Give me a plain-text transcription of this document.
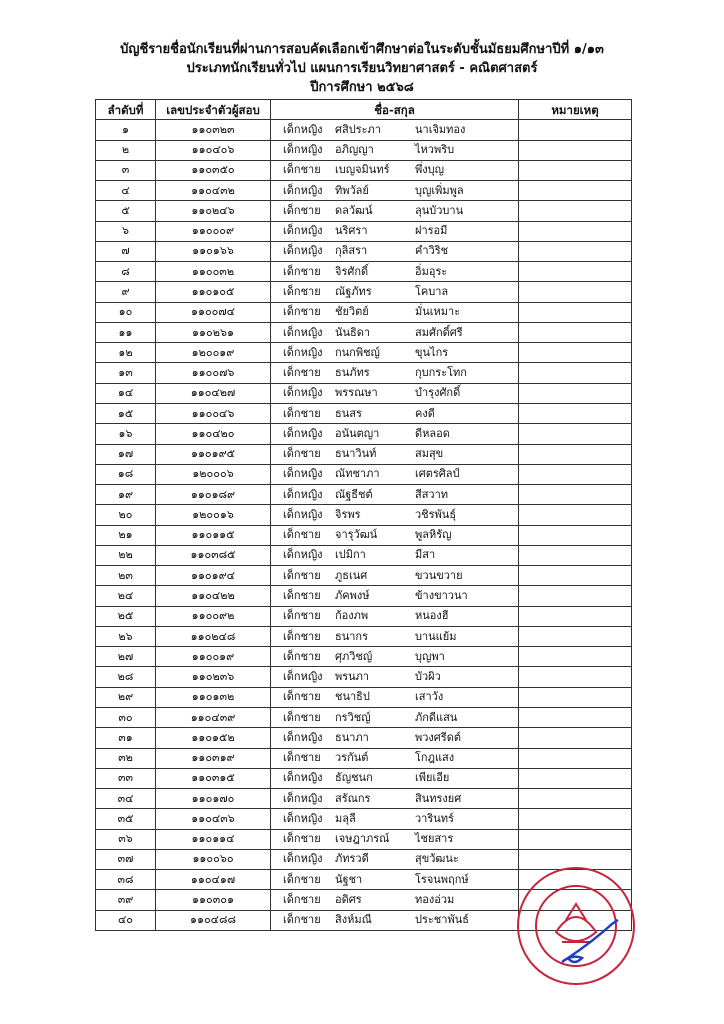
บัญชีรายชื่อนักเรียนที่ผ่านการสอบคัดเลือกเข้าศึกษาต่อในระดับชั้นมัธยมศึกษาปีที่ ๑/๑๓
ประเภทนักเรียนทั่วไป แผนการเรียนวิทยาศาสตร์ - คณิตศาสตร์
ปีการศึกษา ๒๕๖๘
ลำดับที่	เลขประจำตัวผู้สอบ	ชื่อ-สกุล	หมายเหตุ
๑	๑๑๐๓๒๓	เด็กหญิง ศสิประภา นาเจิมทอง	

๒	๑๑๐๔๐๖	เด็กหญิง อภิญญา ไหวพริบ	

๓	๑๑๐๓๕๐	เด็กชาย เบญจมินทร์ พึ่งบุญ	

๔	๑๑๐๔๓๒	เด็กหญิง ทิพวัลย์ บุญเพิ่มพูล	

๕	๑๑๐๒๔๖	เด็กชาย ดลวัฒน์ ลุนบัวบาน	

๖	๑๑๐๐๐๙	เด็กหญิง นริศรา ฝารอมี	

๗	๑๑๐๑๖๖	เด็กหญิง กุลิสรา คำวิริช	

๘	๑๑๐๐๓๒	เด็กชาย จิรศักดิ์ อิ่มอุระ	

๙	๑๑๐๑๐๕	เด็กชาย ณัฐภัทร โคบาล	

๑๐	๑๑๐๐๗๔	เด็กชาย ชัยวิตย์ มั่นเหมาะ	

๑๑	๑๑๐๒๖๑	เด็กหญิง นันธิดา สมศักดิ์ศรี	

๑๒	๑๒๐๐๑๙	เด็กหญิง กนกพิชญ์ ขุนไกร	

๑๓	๑๑๐๐๗๖	เด็กชาย ธนภัทร กุบกระโทก	

๑๔	๑๑๐๔๒๗	เด็กหญิง พรรณษา บำรุงศักดิ์	

๑๕	๑๑๐๐๔๖	เด็กชาย ธนสร คงดี	

๑๖	๑๑๐๔๒๐	เด็กหญิง อนันตญา ดีหลอด	

๑๗	๑๑๐๑๙๕	เด็กชาย ธนาวินท์ สมสุข	

๑๘	๑๒๐๐๐๖	เด็กหญิง ณัทชาภา เศตรศิลป์	

๑๙	๑๑๐๑๘๙	เด็กหญิง ณัฐธีชต์ สีสวาท	

๒๐	๑๒๐๐๑๖	เด็กหญิง จิรพร วชิรพันธุ์	

๒๑	๑๑๐๑๑๕	เด็กชาย จารุวัฒน์ พูลหิรัญ	

๒๒	๑๑๐๓๘๕	เด็กหญิง เปมิกา มีสา	

๒๓	๑๑๐๑๙๔	เด็กชาย ภูธเนศ ขวนขวาย	

๒๔	๑๑๐๔๒๒	เด็กชาย ภัคพงษ์ ข้างขาวนา	

๒๕	๑๑๐๐๙๒	เด็กชาย ก้องภพ หนองฮี	

๒๖	๑๑๐๒๔๘	เด็กชาย ธนากร บานแย้ม	

๒๗	๑๑๐๐๑๙	เด็กชาย ศุภวิชญ์ บุญพา	

๒๘	๑๑๐๒๓๖	เด็กหญิง พรนภา บัวผิว	

๒๙	๑๑๐๑๓๒	เด็กชาย ชนาธิป เสาวัง	

๓๐	๑๑๐๔๓๙	เด็กชาย กรวิชญ์ ภักดีแสน	

๓๑	๑๑๐๑๕๒	เด็กหญิง ธนาภา พวงศรีดต์	

๓๒	๑๑๐๓๑๙	เด็กชาย วรกันต์ โกฎแสง	

๓๓	๑๑๐๓๑๕	เด็กหญิง ธัญชนก เพียเอีย	

๓๔	๑๑๐๑๗๐	เด็กหญิง สรัณกร สินทรงยศ	

๓๕	๑๑๐๔๓๖	เด็กหญิง มลุลี วารินทร์	

๓๖	๑๑๐๑๑๔	เด็กชาย เจษฎาภรณ์ ไชยสาร	

๓๗	๑๑๐๐๖๐	เด็กหญิง ภัทรวดี สุขวัฒนะ	

๓๘	๑๑๐๔๑๗	เด็กชาย นัฐชา โรจนพฤกษ์	

๓๙	๑๑๐๓๐๑	เด็กชาย อดิศร ทองอ่วม	

๔๐	๑๑๐๔๘๘	เด็กชาย สิงห์มณี ประชาพันธ์	
